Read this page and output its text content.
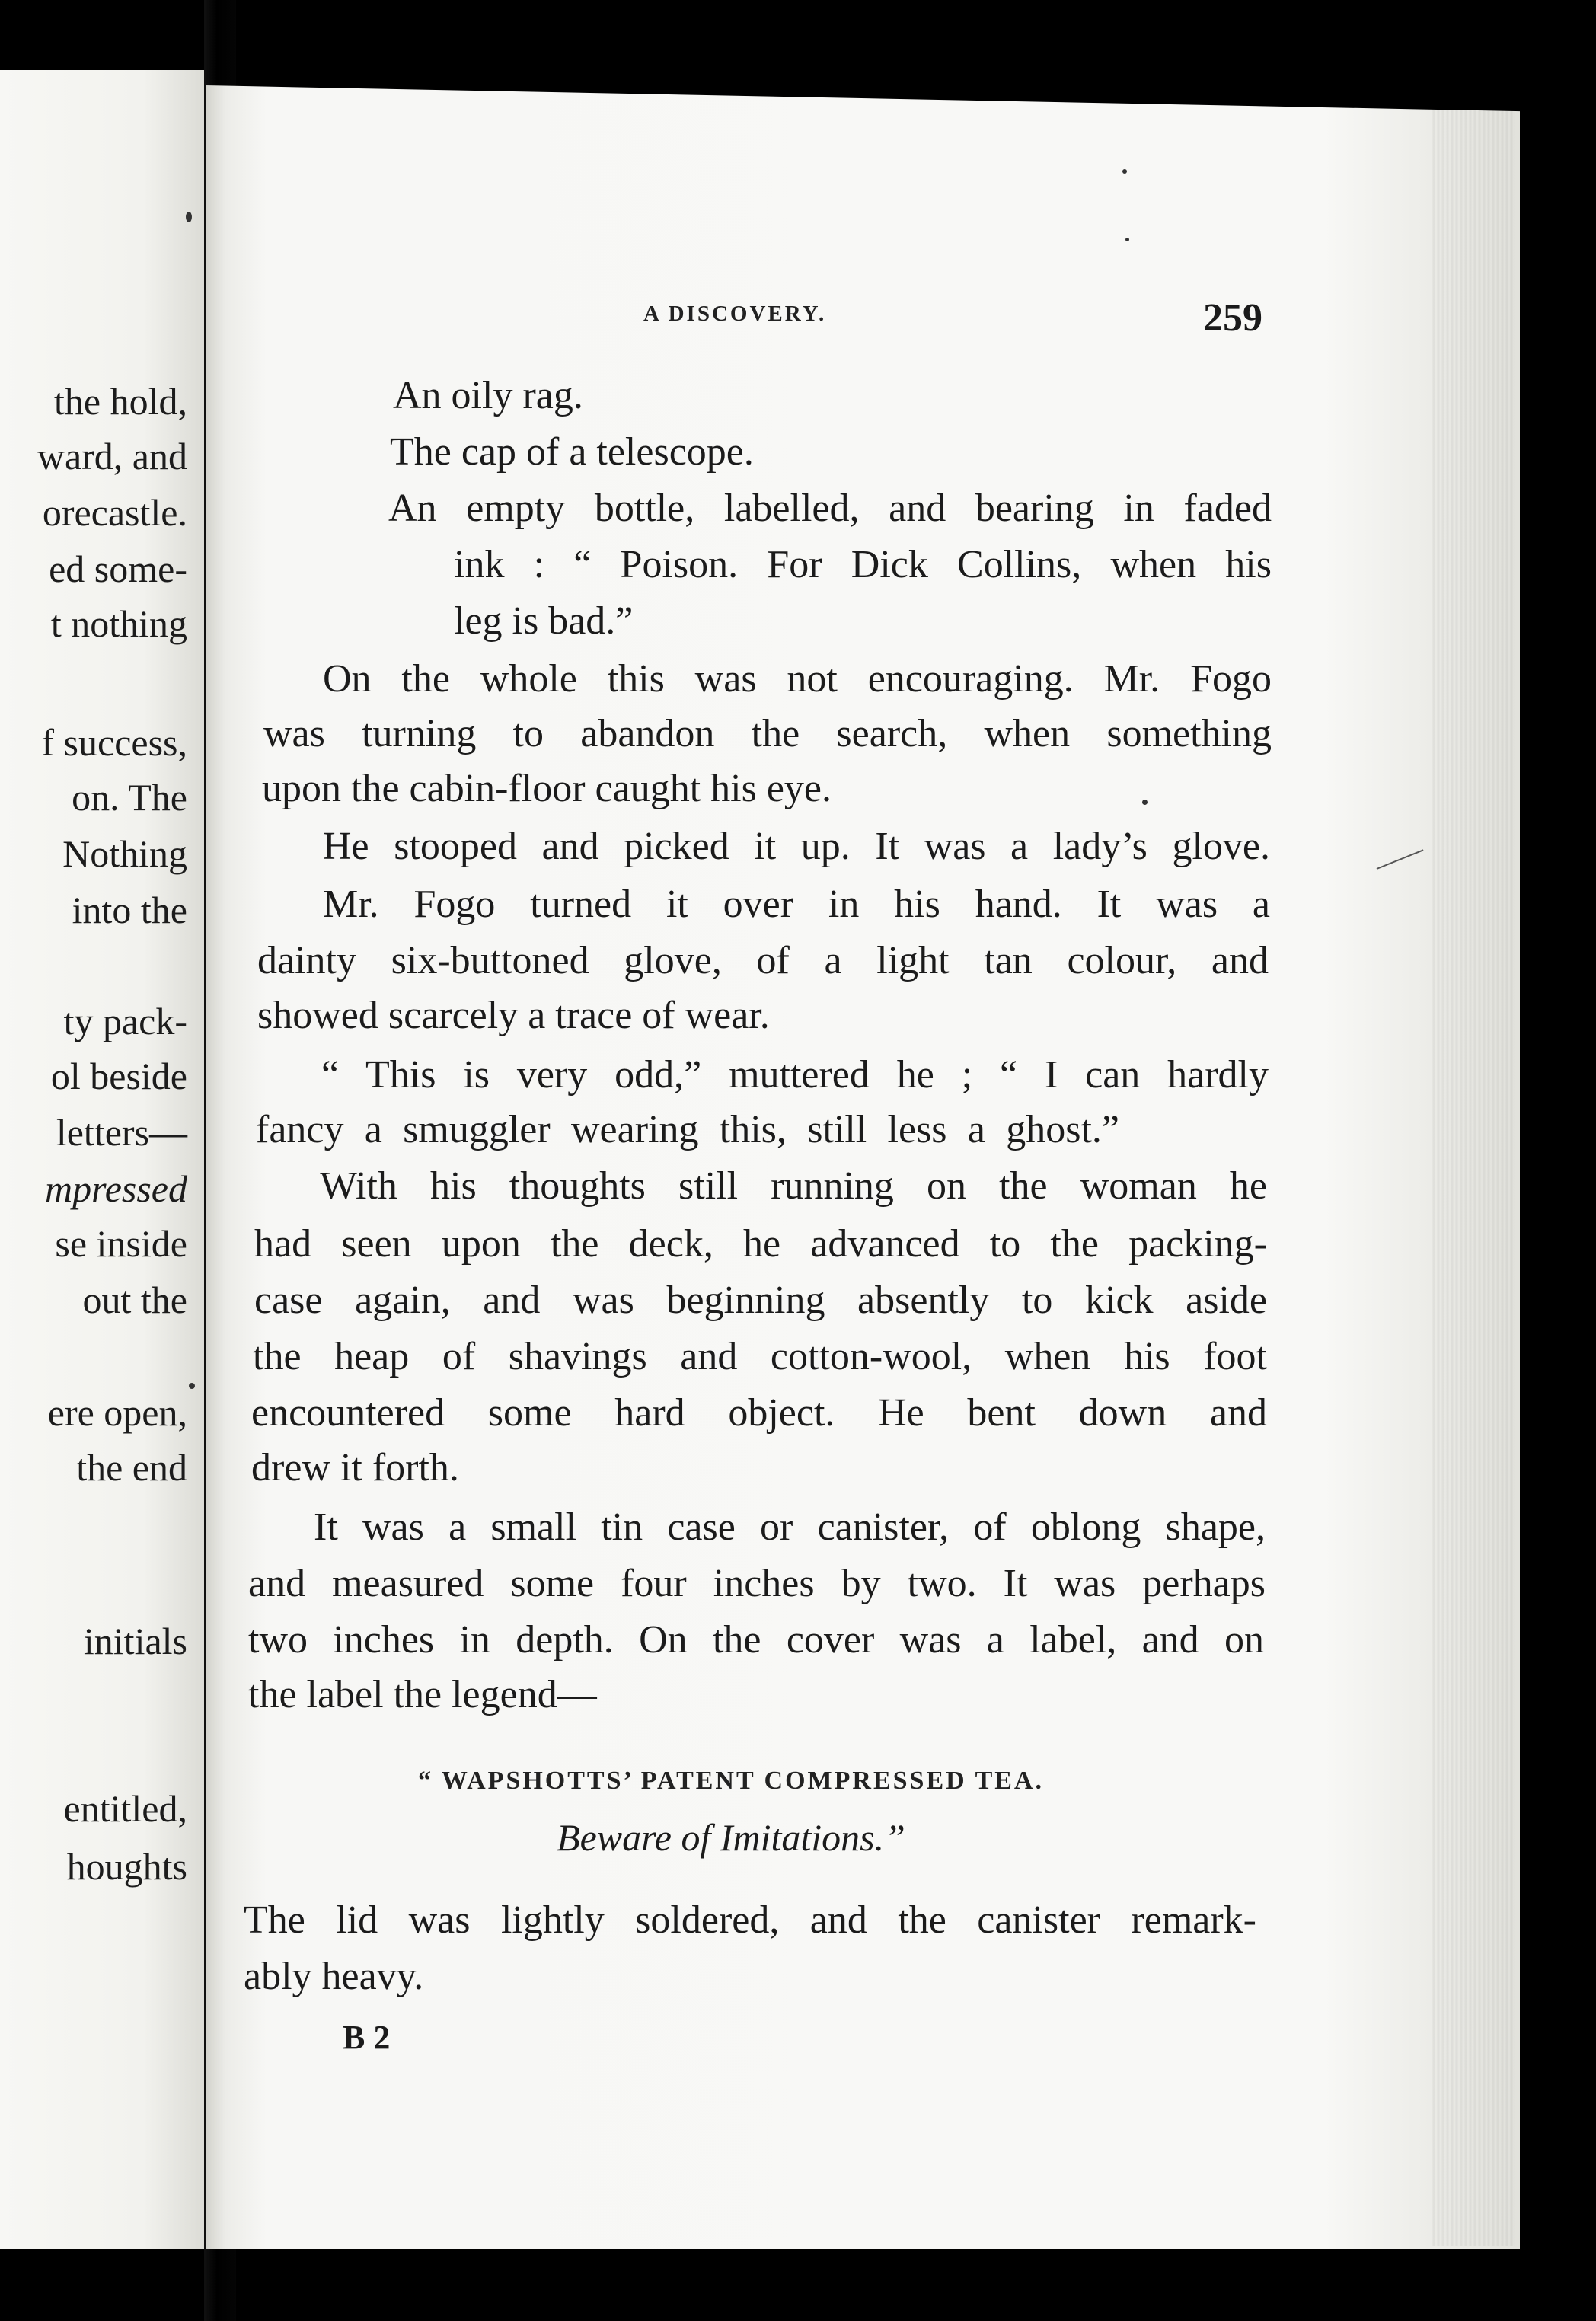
the hold,
ward, and
orecastle.
ed some-
t nothing
f success,
on. The
Nothing
into the
ty pack-
ol beside
letters—
mpressed
se inside
out the
ere open,
the end
initials
entitled,
houghts
A DISCOVERY.	259
An oily rag.
The cap of a telescope.
An empty bottle, labelled, and bearing in faded
ink : “ Poison. For Dick Collins, when his
leg is bad.”
On the whole this was not encouraging. Mr. Fogo
was turning to abandon the search, when something
upon the cabin-floor caught his eye.
He stooped and picked it up. It was a lady’s glove.
Mr. Fogo turned it over in his hand. It was a
dainty six-buttoned glove, of a light tan colour, and
showed scarcely a trace of wear.
“ This is very odd,” muttered he ; “ I can hardly
fancy a smuggler wearing this, still less a ghost.”
With his thoughts still running on the woman he
had seen upon the deck, he advanced to the packing-
case again, and was beginning absently to kick aside
the heap of shavings and cotton-wool, when his foot
encountered some hard object. He bent down and
drew it forth.
It was a small tin case or canister, of oblong shape,
and measured some four inches by two. It was perhaps
two inches in depth. On the cover was a label, and on
the label the legend—
“ WAPSHOTTS’ PATENT COMPRESSED TEA.
Beware of Imitations.”
The lid was lightly soldered, and the canister remark-
ably heavy.
B 2
